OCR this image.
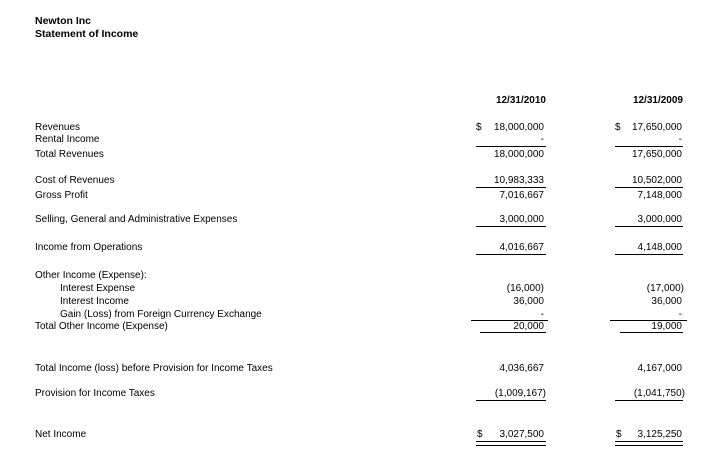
Newton Inc
Statement of Income
12/31/2010	12/31/2009
Revenues	$	18,000,000	$	17,650,000
Rental Income	-	-
Total Revenues	18,000,000	17,650,000
Cost of Revenues	10,983,333	10,502,000
Gross Profit	7,016,667	7,148,000
Selling, General and Administrative Expenses	3,000,000	3,000,000
Income from Operations	4,016,667	4,148,000
Other Income (Expense):
Interest Expense	(16,000)	(17,000)
Interest Income	36,000	36,000
Gain (Loss) from Foreign Currency Exchange	-	-
Total Other Income (Expense)	20,000	19,000
Total Income (loss) before Provision for Income Taxes	4,036,667	4,167,000
Provision for Income Taxes	(1,009,167)	(1,041,750)
Net Income	$	3,027,500	$	3,125,250
